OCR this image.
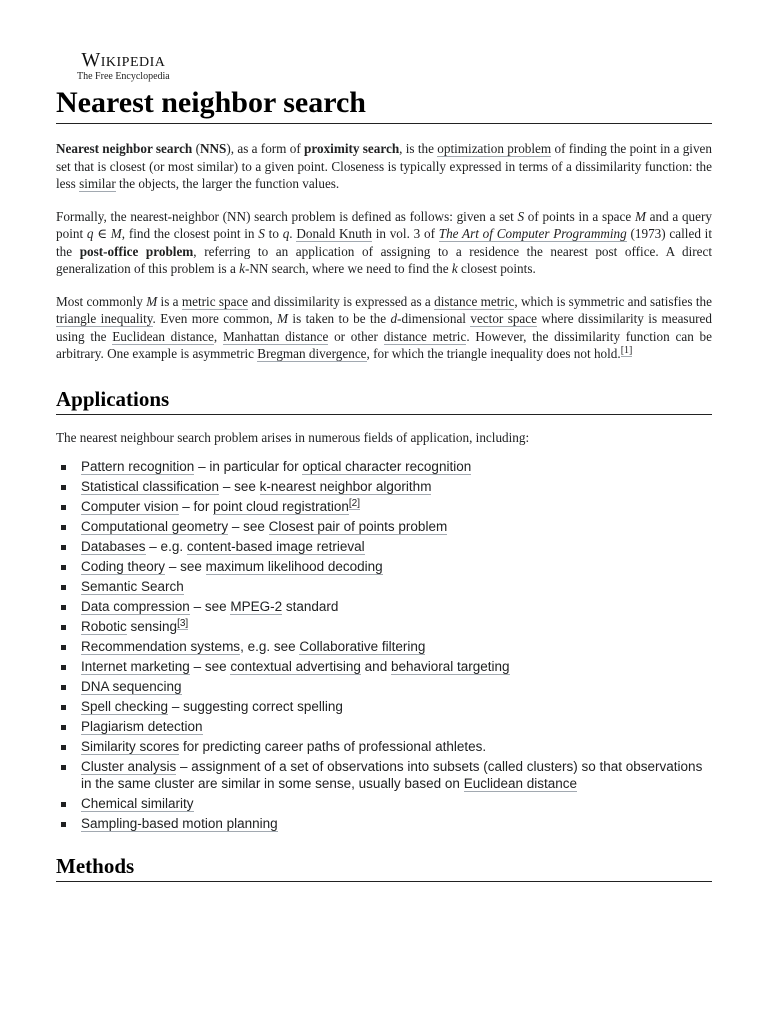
Wikipedia
The Free Encyclopedia
Nearest neighbor search

Nearest neighbor search (NNS), as a form of proximity search, is the optimization problem of finding the point in a given set that is closest (or most similar) to a given point. Closeness is typically expressed in terms of a dissimilarity function: the less similar the objects, the larger the function values.

Formally, the nearest-neighbor (NN) search problem is defined as follows: given a set S of points in a space M and a query point q ∈ M, find the closest point in S to q. Donald Knuth in vol. 3 of The Art of Computer Programming (1973) called it the post-office problem, referring to an application of assigning to a residence the nearest post office. A direct generalization of this problem is a k-NN search, where we need to find the k closest points.

Most commonly M is a metric space and dissimilarity is expressed as a distance metric, which is symmetric and satisfies the triangle inequality. Even more common, M is taken to be the d-dimensional vector space where dissimilarity is measured using the Euclidean distance, Manhattan distance or other distance metric. However, the dissimilarity function can be arbitrary. One example is asymmetric Bregman divergence, for which the triangle inequality does not hold.[1]

Applications
The nearest neighbour search problem arises in numerous fields of application, including:
Pattern recognition – in particular for optical character recognition
Statistical classification – see k-nearest neighbor algorithm
Computer vision – for point cloud registration[2]
Computational geometry – see Closest pair of points problem
Databases – e.g. content-based image retrieval
Coding theory – see maximum likelihood decoding
Semantic Search
Data compression – see MPEG-2 standard
Robotic sensing[3]
Recommendation systems, e.g. see Collaborative filtering
Internet marketing – see contextual advertising and behavioral targeting
DNA sequencing
Spell checking – suggesting correct spelling
Plagiarism detection
Similarity scores for predicting career paths of professional athletes.
Cluster analysis – assignment of a set of observations into subsets (called clusters) so that observations in the same cluster are similar in some sense, usually based on Euclidean distance
Chemical similarity
Sampling-based motion planning
Methods
